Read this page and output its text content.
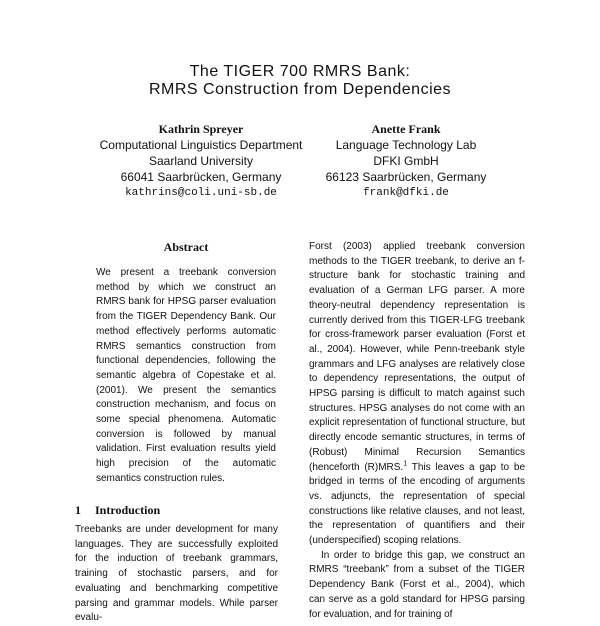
The TIGER 700 RMRS Bank:
RMRS Construction from Dependencies
Kathrin Spreyer
Computational Linguistics Department
Saarland University
66041 Saarbrücken, Germany
kathrins@coli.uni-sb.de
Anette Frank
Language Technology Lab
DFKI GmbH
66123 Saarbrücken, Germany
frank@dfki.de
Abstract
We present a treebank conversion method by which we construct an RMRS bank for HPSG parser evaluation from the TIGER Dependency Bank. Our method effectively performs automatic RMRS semantics construction from functional dependencies, following the semantic algebra of Copestake et al. (2001). We present the semantics construction mechanism, and focus on some special phenomena. Automatic conversion is followed by manual validation. First evaluation results yield high precision of the automatic semantics construction rules.
1 Introduction
Treebanks are under development for many languages. They are successfully exploited for the induction of treebank grammars, training of stochastic parsers, and for evaluating and benchmarking competitive parsing and grammar models. While parser evalu-

Forst (2003) applied treebank conversion methods to the TIGER treebank, to derive an f-structure bank for stochastic training and evaluation of a German LFG parser. A more theory-neutral dependency representation is currently derived from this TIGER-LFG treebank for cross-framework parser evaluation (Forst et al., 2004). However, while Penn-treebank style grammars and LFG analyses are relatively close to dependency representations, the output of HPSG parsing is difficult to match against such structures. HPSG analyses do not come with an explicit representation of functional structure, but directly encode semantic structures, in terms of (Robust) Minimal Recursion Semantics (henceforth (R)MRS.$^1$ This leaves a gap to be bridged in terms of the encoding of arguments vs. adjuncts, the representation of special constructions like relative clauses, and not least, the representation of quantifiers and their (underspecified) scoping relations.

In order to bridge this gap, we construct an RMRS “treebank” from a subset of the TIGER Dependency Bank (Forst et al., 2004), which can serve as a gold standard for HPSG parsing for evaluation, and for training of
